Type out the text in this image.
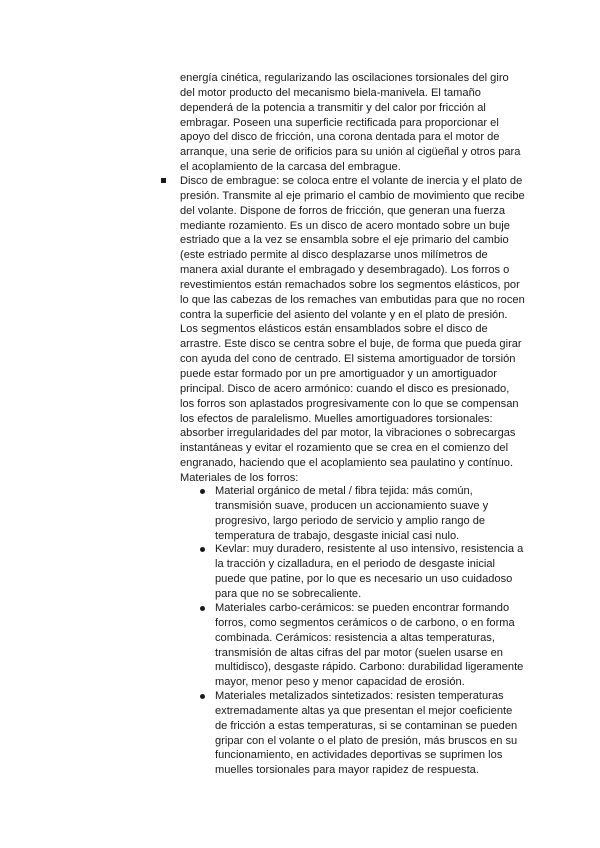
energía cinética, regularizando las oscilaciones torsionales del giro
del motor producto del mecanismo biela-manivela. El tamaño
dependerá de la potencia a transmitir y del calor por fricción al
embragar. Poseen una superficie rectificada para proporcionar el
apoyo del disco de fricción, una corona dentada para el motor de
arranque, una serie de orificios para su unión al cigüeñal y otros para
el acoplamiento de la carcasa del embrague.

Disco de embrague: se coloca entre el volante de inercia y el plato de
presión. Transmite al eje primario el cambio de movimiento que recibe
del volante. Dispone de forros de fricción, que generan una fuerza
mediante rozamiento. Es un disco de acero montado sobre un buje
estriado que a la vez se ensambla sobre el eje primario del cambio
(este estriado permite al disco desplazarse unos milímetros de
manera axial durante el embragado y desembragado). Los forros o
revestimientos están remachados sobre los segmentos elásticos, por
lo que las cabezas de los remaches van embutidas para que no rocen
contra la superficie del asiento del volante y en el plato de presión.
Los segmentos elásticos están ensamblados sobre el disco de
arrastre. Este disco se centra sobre el buje, de forma que pueda girar
con ayuda del cono de centrado. El sistema amortiguador de torsión
puede estar formado por un pre amortiguador y un amortiguador
principal. Disco de acero armónico: cuando el disco es presionado,
los forros son aplastados progresivamente con lo que se compensan
los efectos de paralelismo. Muelles amortiguadores torsionales:
absorber irregularidades del par motor, la vibraciones o sobrecargas
instantáneas y evitar el rozamiento que se crea en el comienzo del
engranado, haciendo que el acoplamiento sea paulatino y contínuo.
Materiales de los forros:
Material orgánico de metal / fibra tejida: más común,
transmisión suave, producen un accionamiento suave y
progresivo, largo periodo de servicio y amplio rango de
temperatura de trabajo, desgaste inicial casi nulo.
Kevlar: muy duradero, resistente al uso intensivo, resistencia a
la tracción y cizalladura, en el periodo de desgaste inicial
puede que patine, por lo que es necesario un uso cuidadoso
para que no se sobrecaliente.
Materiales carbo-cerámicos: se pueden encontrar formando
forros, como segmentos cerámicos o de carbono, o en forma
combinada. Cerámicos: resistencia a altas temperaturas,
transmisión de altas cifras del par motor (suelen usarse en
multidisco), desgaste rápido. Carbono: durabilidad ligeramente
mayor, menor peso y menor capacidad de erosión.
Materiales metalizados sintetizados: resisten temperaturas
extremadamente altas ya que presentan el mejor coeficiente
de fricción a estas temperaturas, si se contaminan se pueden
gripar con el volante o el plato de presión, más bruscos en su
funcionamiento, en actividades deportivas se suprimen los
muelles torsionales para mayor rapidez de respuesta.
